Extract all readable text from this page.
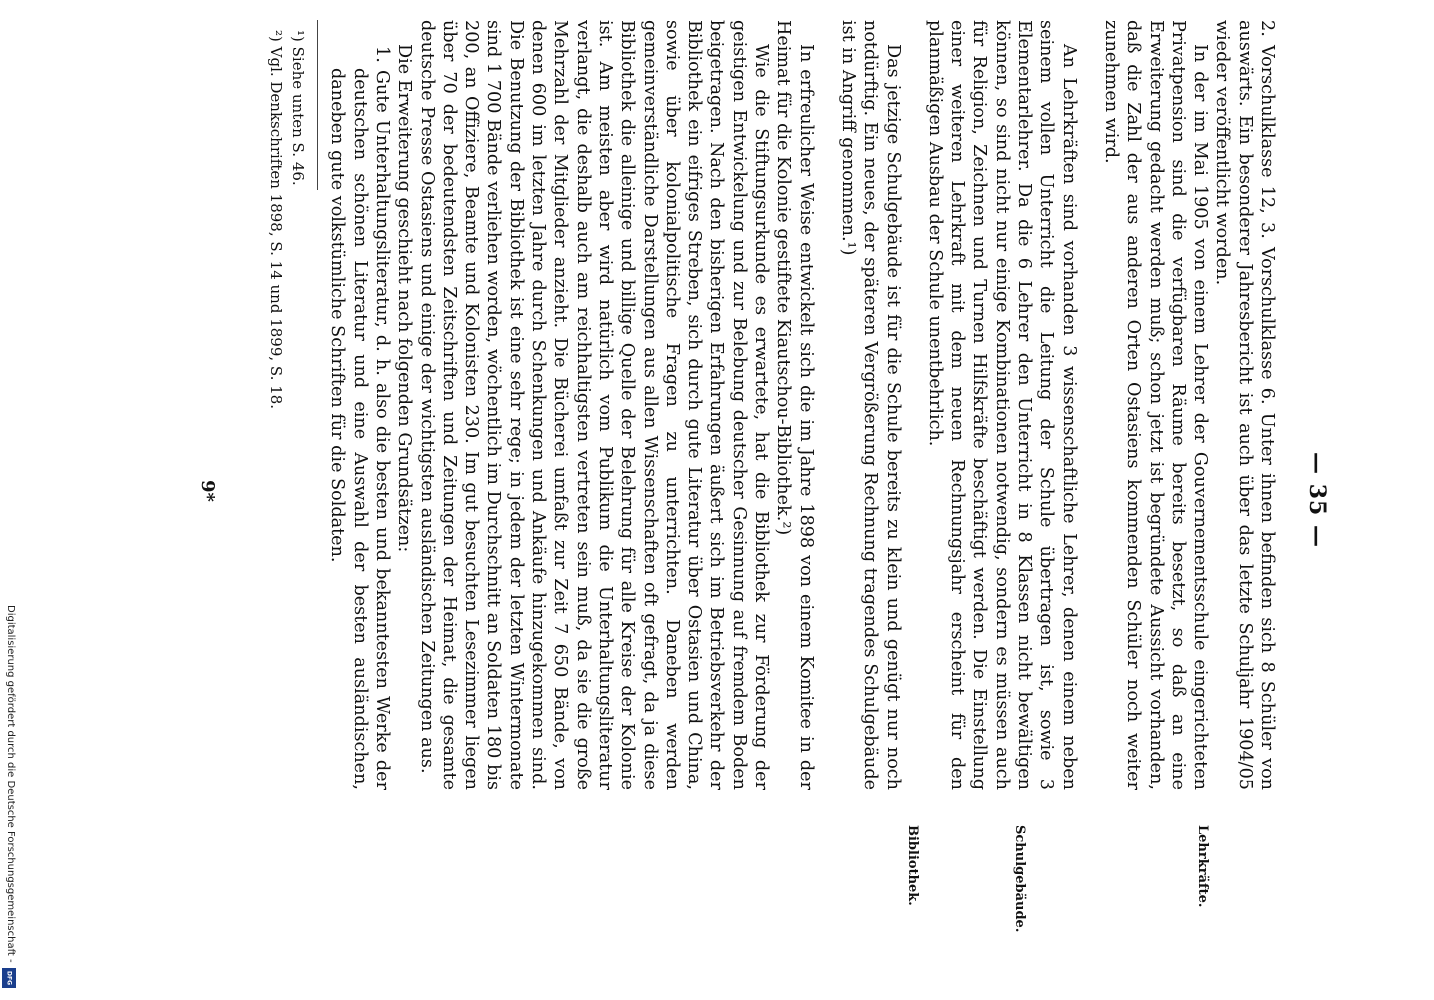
Digitalisierung gefördert durch die Deutsche Forschungsgemeinschaft -
DFG
— 35 —

2. Vorschulklasse 12, 3. Vorschulklasse 6. Unter ihnen befinden sich 8 Schüler von auswärts. Ein besonderer Jahresbericht ist auch über das letzte Schuljahr 1904/05 wieder veröffentlicht worden.

In der im Mai 1905 von einem Lehrer der Gouvernementsschule eingerichteten Privatpension sind die verfügbaren Räume bereits besetzt, so daß an eine Erweiterung gedacht werden muß; schon jetzt ist begründete Aussicht vorhanden, daß die Zahl der aus anderen Orten Ostasiens kommenden Schüler noch weiter zunehmen wird.

An Lehrkräften sind vorhanden 3 wissenschaftliche Lehrer, denen einem neben seinem vollen Unterricht die Leitung der Schule übertragen ist, sowie 3 Elementarlehrer. Da die 6 Lehrer den Unterricht in 8 Klassen nicht bewältigen können, so sind nicht nur einige Kombinationen notwendig, sondern es müssen auch für Religion, Zeichnen und Turnen Hilfskräfte beschäftigt werden. Die Einstellung einer weiteren Lehrkraft mit dem neuen Rechnungsjahr erscheint für den planmäßigen Ausbau der Schule unentbehrlich.

Das jetzige Schulgebäude ist für die Schule bereits zu klein und genügt nur noch notdürftig. Ein neues, der späteren Vergrößerung Rechnung tragendes Schulgebäude ist in Angriff genommen.¹)

In erfreulicher Weise entwickelt sich die im Jahre 1898 von einem Komitee in der Heimat für die Kolonie gestiftete Kiautschou-Bibliothek.²)

Wie die Stiftungsurkunde es erwartete, hat die Bibliothek zur Förderung der geistigen Entwickelung und zur Belebung deutscher Gesinnung auf fremdem Boden beigetragen. Nach den bisherigen Erfahrungen äußert sich im Betriebsverkehr der Bibliothek ein eifriges Streben, sich durch gute Literatur über Ostasien und China, sowie über kolonialpolitische Fragen zu unterrichten. Daneben werden gemeinverständliche Darstellungen aus allen Wissenschaften oft gefragt, da ja diese Bibliothek die alleinige und billige Quelle der Belehrung für alle Kreise der Kolonie ist. Am meisten aber wird natürlich vom Publikum die Unterhaltungsliteratur verlangt, die deshalb auch am reichhaltigsten vertreten sein muß, da sie die große Mehrzahl der Mitglieder anzieht. Die Bücherei umfaßt zur Zeit 7 650 Bände, von denen 600 im letzten Jahre durch Schenkungen und Ankäufe hinzugekommen sind. Die Benutzung der Bibliothek ist eine sehr rege; in jedem der letzten Wintermonate sind 1 700 Bände verliehen worden, wöchentlich im Durchschnitt an Soldaten 180 bis 200, an Offiziere, Beamte und Kolonisten 230. Im gut besuchten Lesezimmer liegen über 70 der bedeutendsten Zeitschriften und Zeitungen der Heimat, die gesamte deutsche Presse Ostasiens und einige der wichtigsten ausländischen Zeitungen aus.

Die Erweiterung geschieht nach folgenden Grundsätzen:

1. Gute Unterhaltungsliteratur, d. h. also die besten und bekanntesten Werke der deutschen schönen Literatur und eine Auswahl der besten ausländischen, daneben gute volkstümliche Schriften für die Soldaten.

Lehrkräfte.
Schulgebäude.
Bibliothek.
¹) Siehe unten S. 46.
²) Vgl. Denkschriften 1898, S. 14 und 1899, S. 18.
9*
